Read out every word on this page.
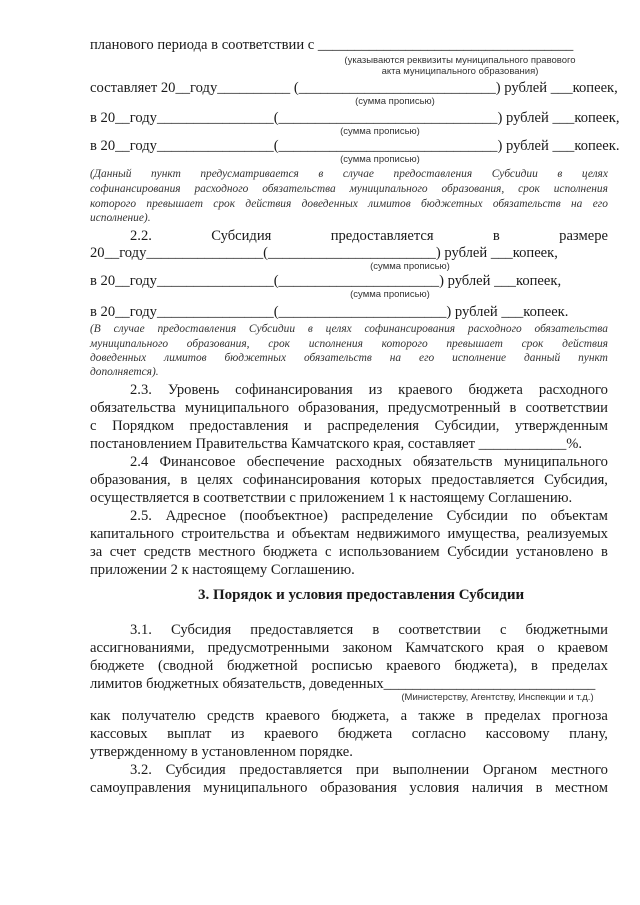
планового периода в соответствии с ___________________________________
(указываются реквизиты муниципального правового
акта муниципального образования)
составляет 20__году__________ (___________________________) рублей ___копеек,
(сумма прописью)
в 20__году________________(______________________________) рублей ___копеек,
(сумма прописью)
в 20__году________________(______________________________) рублей ___копеек.
(сумма прописью)
(Данный пункт предусматривается в случае предоставления Субсидии в целях
софинансирования расходного обязательства муниципального образования, срок исполнения
которого превышает срок действия доведенных лимитов бюджетных обязательств на его
исполнение).
2.2.	Субсидия	предоставляется	в	размере
20__году________________(_______________________) рублей ___копеек,
(сумма прописью)
в 20__году________________(______________________) рублей ___копеек,
(сумма прописью)
в 20__году________________(_______________________) рублей ___копеек.
(В случае предоставления Субсидии в целях софинансирования расходного обязательства
муниципального образования, срок исполнения которого превышает срок действия
доведенных лимитов бюджетных обязательств на его исполнение данный пункт
дополняется).
2.3. Уровень софинансирования из краевого бюджета расходного
обязательства муниципального образования, предусмотренный в соответствии
с Порядком предоставления и распределения Субсидии, утвержденным
постановлением Правительства Камчатского края, составляет ____________%.
2.4 Финансовое обеспечение расходных обязательств муниципального
образования, в целях софинансирования которых предоставляется Субсидия,
осуществляется в соответствии с приложением 1 к настоящему Соглашению.
2.5. Адресное (пообъектное) распределение Субсидии по объектам
капитального строительства и объектам недвижимого имущества, реализуемых
за счет средств местного бюджета с использованием Субсидии установлено в
приложении 2 к настоящему Соглашению.
3. Порядок и условия предоставления Субсидии
3.1. Субсидия предоставляется в соответствии с бюджетными
ассигнованиями, предусмотренными законом Камчатского края о краевом
бюджете (сводной бюджетной росписью краевого бюджета), в пределах
лимитов бюджетных обязательств, доведенных_____________________________
(Министерству, Агентству, Инспекции и т.д.)
как получателю средств краевого бюджета, а также в пределах прогноза
кассовых выплат из краевого бюджета согласно кассовому плану,
утвержденному в установленном порядке.
3.2. Субсидия предоставляется при выполнении Органом местного
самоуправления муниципального образования условия наличия в местном
